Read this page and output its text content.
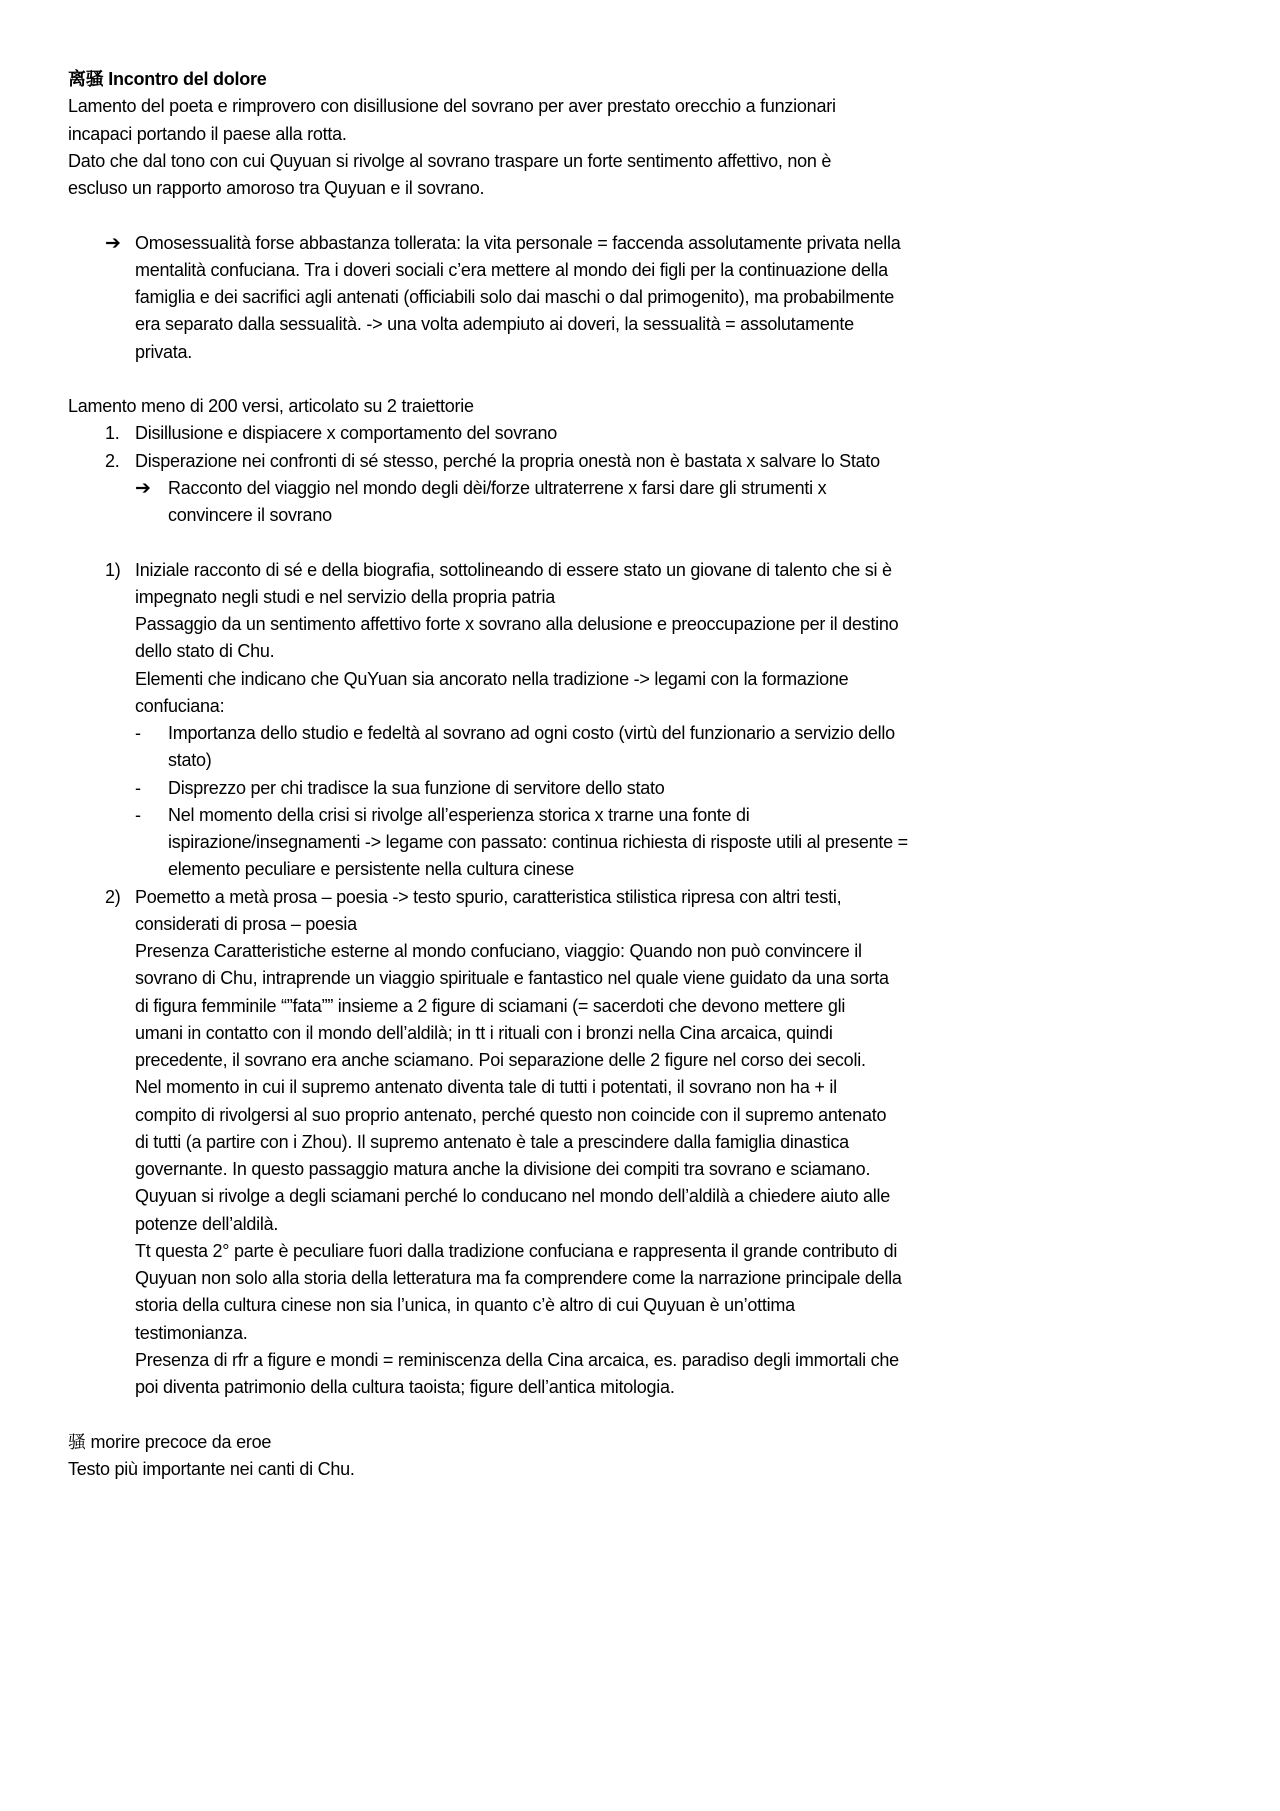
离骚 Incontro del dolore
Lamento del poeta e rimprovero con disillusione del sovrano per aver prestato orecchio a funzionari
incapaci portando il paese alla rotta.
Dato che dal tono con cui Quyuan si rivolge al sovrano traspare un forte sentimento affettivo, non è
escluso un rapporto amoroso tra Quyuan e il sovrano.
➔ Omosessualità forse abbastanza tollerata: la vita personale = faccenda assolutamente privata nella
mentalità confuciana. Tra i doveri sociali c’era mettere al mondo dei figli per la continuazione della
famiglia e dei sacrifici agli antenati (officiabili solo dai maschi o dal primogenito), ma probabilmente
era separato dalla sessualità. -> una volta adempiuto ai doveri, la sessualità = assolutamente
privata.
Lamento meno di 200 versi, articolato su 2 traiettorie
1. Disillusione e dispiacere x comportamento del sovrano
2. Disperazione nei confronti di sé stesso, perché la propria onestà non è bastata x salvare lo Stato
➔ Racconto del viaggio nel mondo degli dèi/forze ultraterrene x farsi dare gli strumenti x
convincere il sovrano
1) Iniziale racconto di sé e della biografia, sottolineando di essere stato un giovane di talento che si è
impegnato negli studi e nel servizio della propria patria
Passaggio da un sentimento affettivo forte x sovrano alla delusione e preoccupazione per il destino
dello stato di Chu.
Elementi che indicano che QuYuan sia ancorato nella tradizione -> legami con la formazione
confuciana:
- Importanza dello studio e fedeltà al sovrano ad ogni costo (virtù del funzionario a servizio dello
stato)
- Disprezzo per chi tradisce la sua funzione di servitore dello stato
- Nel momento della crisi si rivolge all’esperienza storica x trarne una fonte di
ispirazione/insegnamenti -> legame con passato: continua richiesta di risposte utili al presente =
elemento peculiare e persistente nella cultura cinese
2) Poemetto a metà prosa – poesia -> testo spurio, caratteristica stilistica ripresa con altri testi,
considerati di prosa – poesia
Presenza Caratteristiche esterne al mondo confuciano, viaggio: Quando non può convincere il
sovrano di Chu, intraprende un viaggio spirituale e fantastico nel quale viene guidato da una sorta
di figura femminile “”fata”” insieme a 2 figure di sciamani (= sacerdoti che devono mettere gli
umani in contatto con il mondo dell’aldilà; in tt i rituali con i bronzi nella Cina arcaica, quindi
precedente, il sovrano era anche sciamano. Poi separazione delle 2 figure nel corso dei secoli.
Nel momento in cui il supremo antenato diventa tale di tutti i potentati, il sovrano non ha + il
compito di rivolgersi al suo proprio antenato, perché questo non coincide con il supremo antenato
di tutti (a partire con i Zhou). Il supremo antenato è tale a prescindere dalla famiglia dinastica
governante. In questo passaggio matura anche la divisione dei compiti tra sovrano e sciamano.
Quyuan si rivolge a degli sciamani perché lo conducano nel mondo dell’aldilà a chiedere aiuto alle
potenze dell’aldilà.
Tt questa 2° parte è peculiare fuori dalla tradizione confuciana e rappresenta il grande contributo di
Quyuan non solo alla storia della letteratura ma fa comprendere come la narrazione principale della
storia della cultura cinese non sia l’unica, in quanto c’è altro di cui Quyuan è un’ottima
testimonianza.
Presenza di rfr a figure e mondi = reminiscenza della Cina arcaica, es. paradiso degli immortali che
poi diventa patrimonio della cultura taoista; figure dell’antica mitologia.
骚 morire precoce da eroe
Testo più importante nei canti di Chu.
